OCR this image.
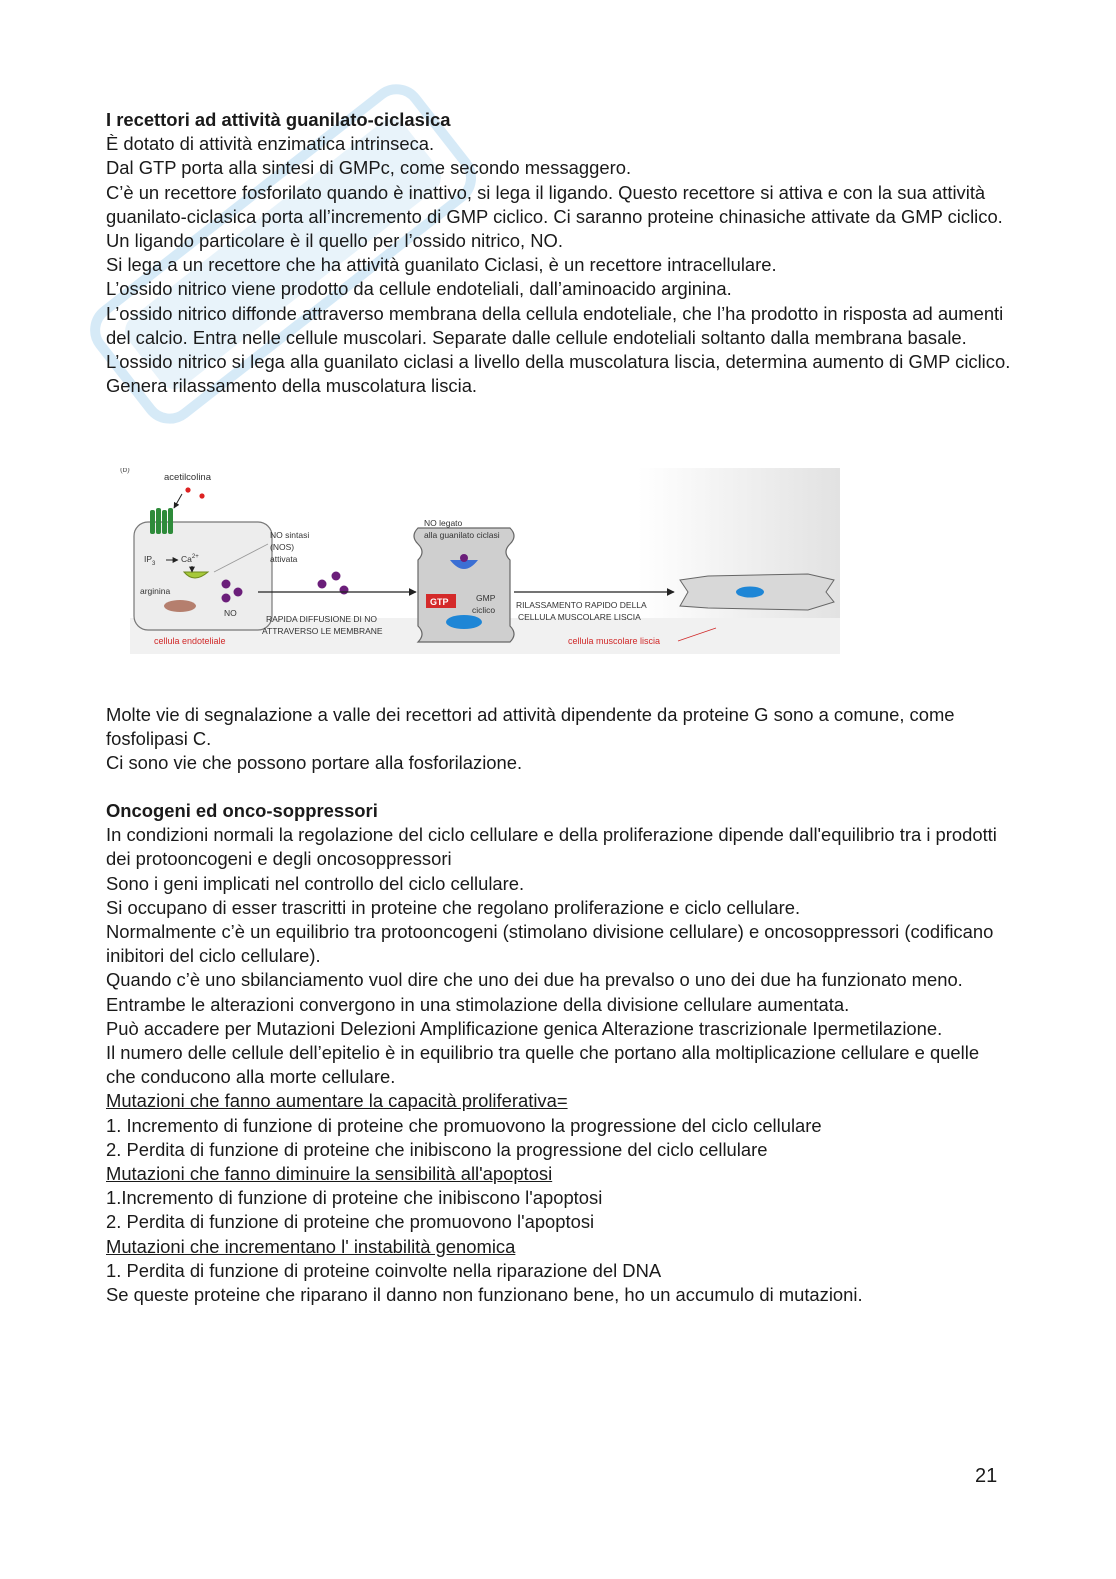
I recettori ad attività guanilato-ciclasica

È dotato di attività enzimatica intrinseca.

Dal GTP porta alla sintesi di GMPc, come secondo messaggero.

C’è un recettore fosforilato quando è inattivo, si lega il ligando. Questo recettore si attiva e con la sua attività guanilato-ciclasica porta all’incremento di GMP ciclico. Ci saranno proteine chinasiche attivate da GMP ciclico.

Un ligando particolare è il quello per l’ossido nitrico, NO.

Si lega a un recettore che ha attività guanilato Ciclasi, è un recettore intracellulare.

L’ossido nitrico viene prodotto da cellule endoteliali, dall’aminoacido arginina.

L’ossido nitrico diffonde attraverso membrana della cellula endoteliale, che l’ha prodotto in risposta ad aumenti del calcio. Entra nelle cellule muscolari. Separate dalle cellule endoteliali soltanto dalla membrana basale.

L’ossido nitrico si lega alla guanilato ciclasi a livello della muscolatura liscia, determina aumento di GMP ciclico. Genera rilassamento della muscolatura liscia.

(b)
acetilcolina
$IP_3$	$Ca^{2+}$
arginina
NO
cellula endoteliale
NO sintasi
(NOS)
attivata
RAPIDA DIFFUSIONE DI NO
ATTRAVERSO LE MEMBRANE
NO legato
alla guanilato ciclasi
GTP	GMP
ciclico RILASSAMENTO RAPIDO DELLA
CELLULA MUSCOLARE LISCIA
cellula muscolare liscia

Molte vie di segnalazione a valle dei recettori ad attività dipendente da proteine G sono a comune, come fosfolipasi C.

Ci sono vie che possono portare alla fosforilazione.

Oncogeni ed onco-soppressori

In condizioni normali la regolazione del ciclo cellulare e della proliferazione dipende dall'equilibrio tra i prodotti dei protooncogeni e degli oncosoppressori

Sono i geni implicati nel controllo del ciclo cellulare.

Si occupano di esser trascritti in proteine che regolano proliferazione e ciclo cellulare.

Normalmente c’è un equilibrio tra protooncogeni (stimolano divisione cellulare) e oncosoppressori (codificano inibitori del ciclo cellulare).

Quando c’è uno sbilanciamento vuol dire che uno dei due ha prevalso o uno dei due ha funzionato meno.

Entrambe le alterazioni convergono in una stimolazione della divisione cellulare aumentata.

Può accadere per Mutazioni Delezioni Amplificazione genica Alterazione trascrizionale Ipermetilazione.

Il numero delle cellule dell’epitelio è in equilibrio tra quelle che portano alla moltiplicazione cellulare e quelle che conducono alla morte cellulare.

Mutazioni che fanno aumentare la capacità proliferativa=

1. Incremento di funzione di proteine che promuovono la progressione del ciclo cellulare

2. Perdita di funzione di proteine che inibiscono la progressione del ciclo cellulare

Mutazioni che fanno diminuire la sensibilità all'apoptosi

1.Incremento di funzione di proteine che inibiscono l'apoptosi

2. Perdita di funzione di proteine che promuovono l'apoptosi

Mutazioni che incrementano l' instabilità genomica

1. Perdita di funzione di proteine coinvolte nella riparazione del DNA

Se queste proteine che riparano il danno non funzionano bene, ho un accumulo di mutazioni.

21
